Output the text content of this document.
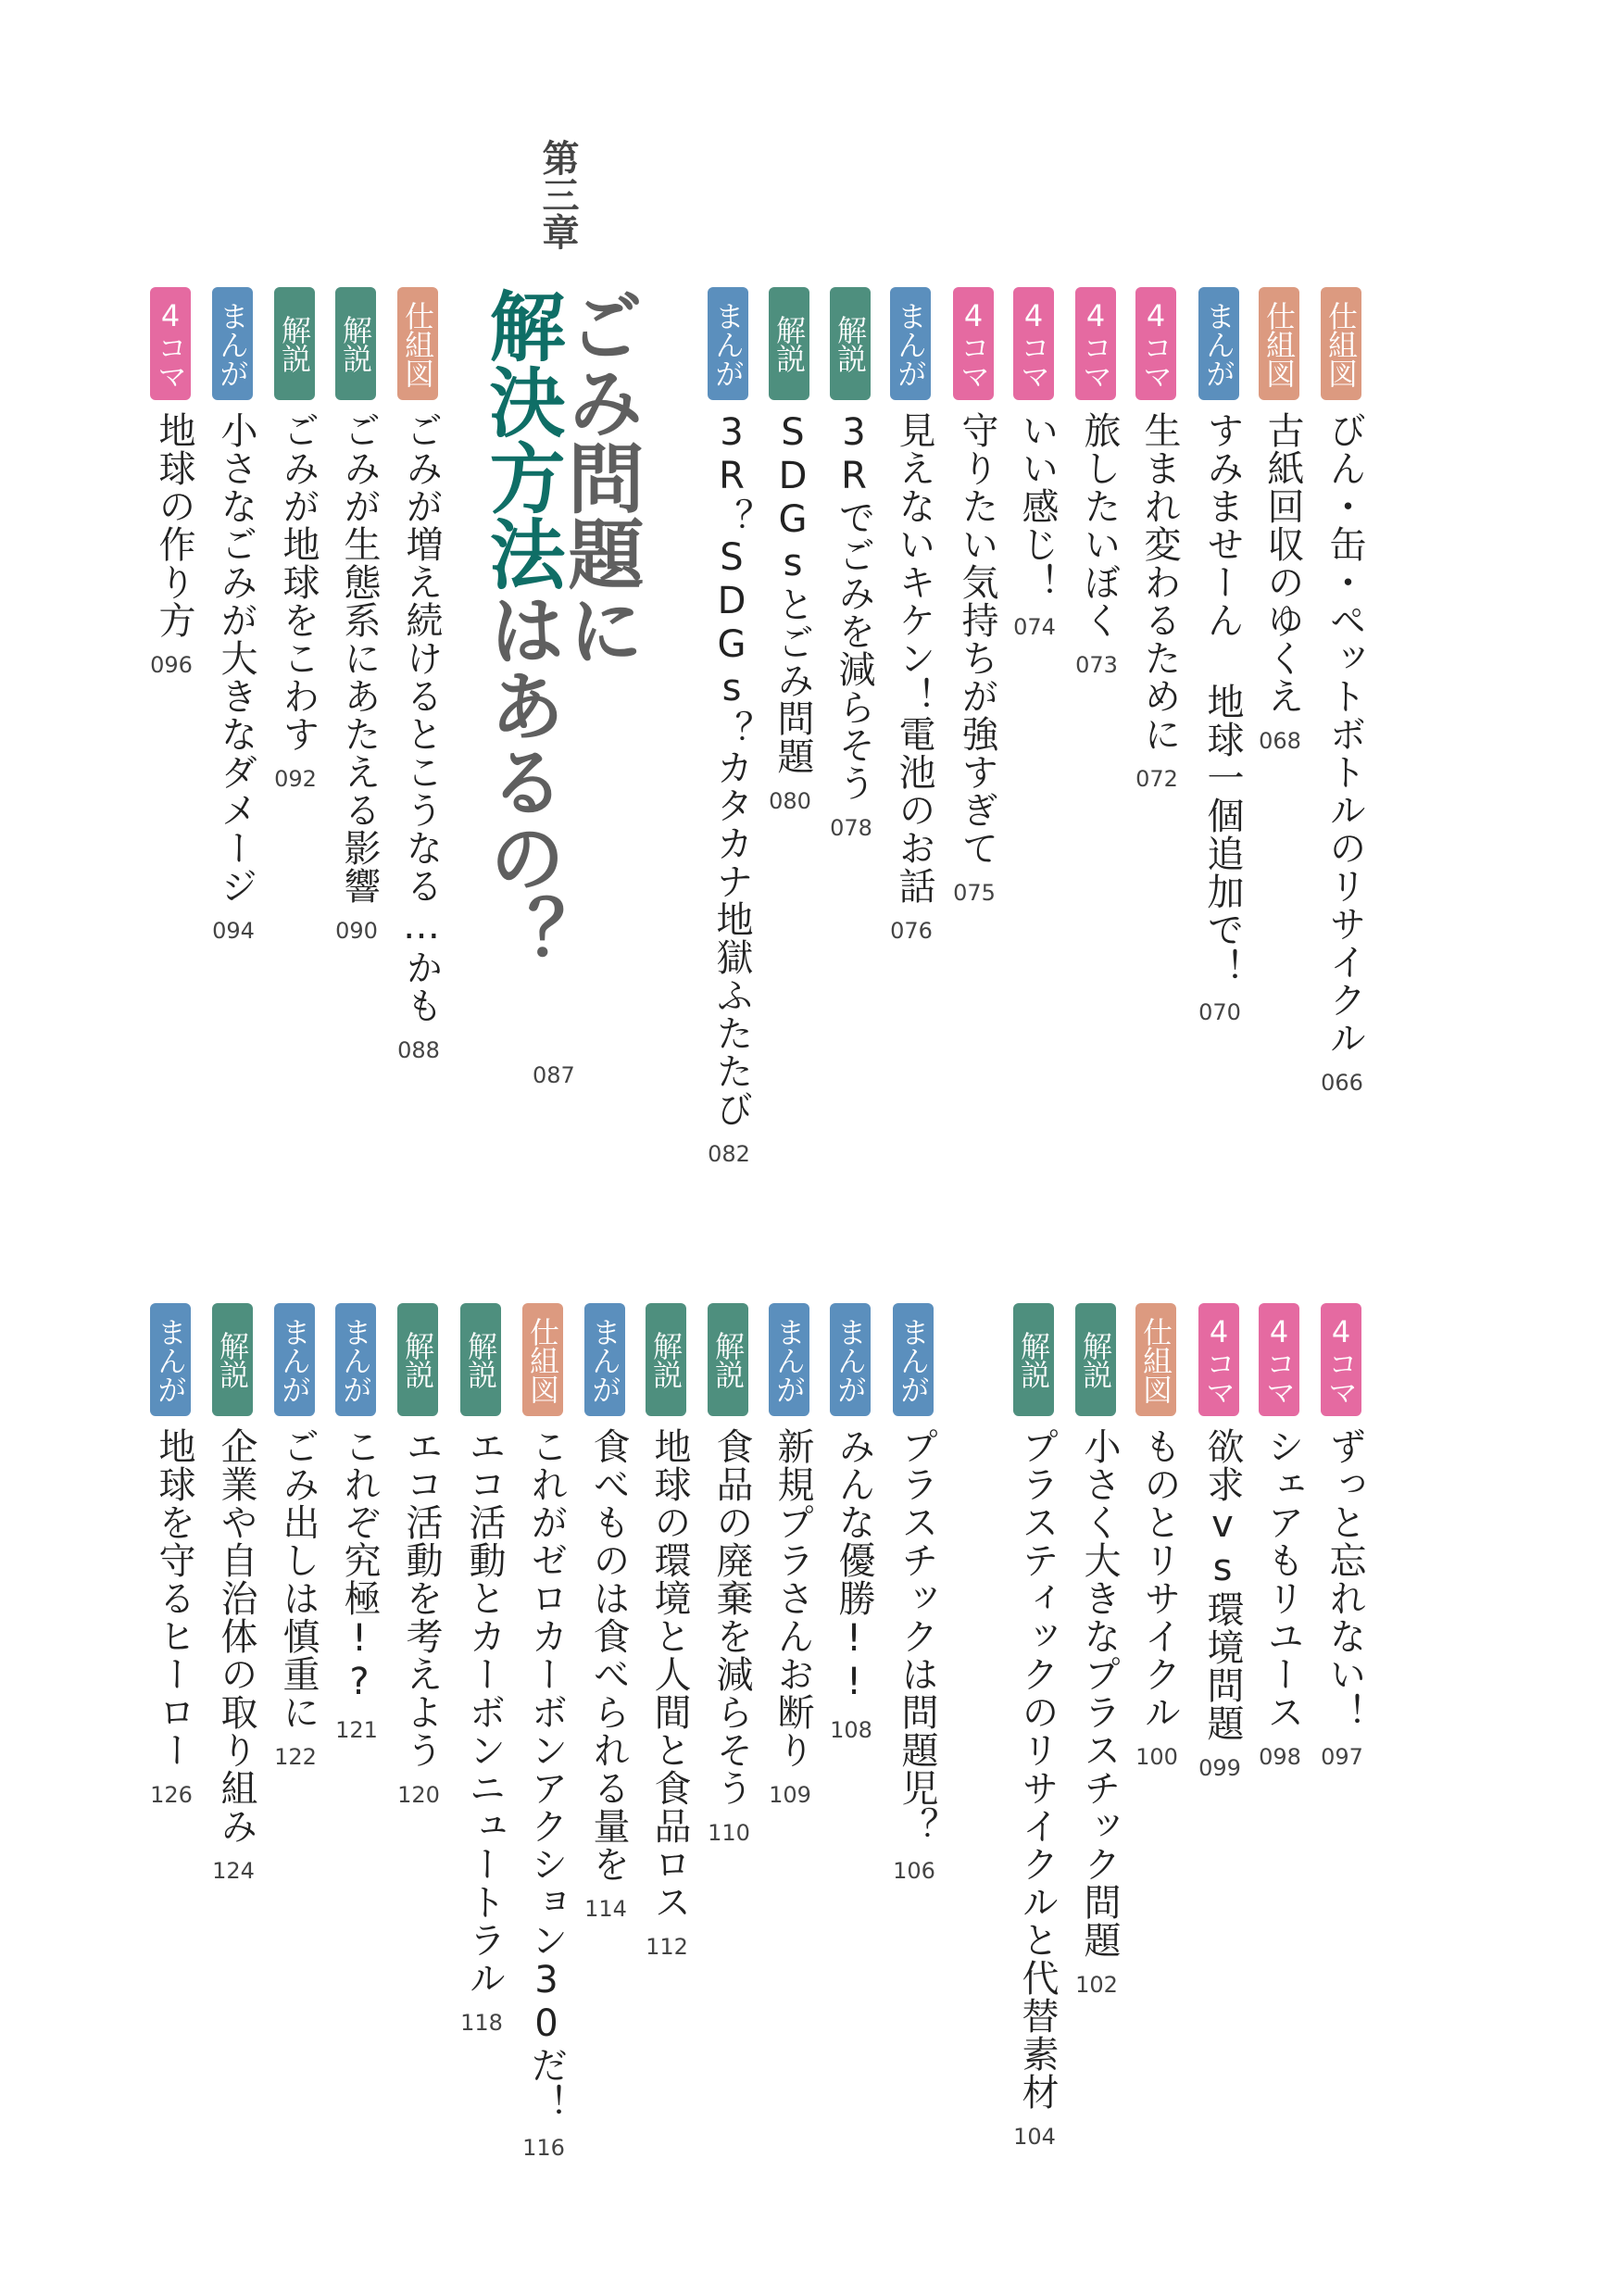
第三章
ごみ問題に
解決方法はあるの？
087
仕組図
びん・缶・ペットボトルのリサイクル
066
仕組図
古紙回収のゆくえ
068
まんが
すみませーん 地球一個追加で！
070
4コマ
生まれ変わるために
072
4コマ
旅したいぼく
073
4コマ
いい感じ！
074
4コマ
守りたい気持ちが強すぎて
075
まんが
見えないキケン！電池のお話
076
解説
3Rでごみを減らそう
078
解説
SDGsとごみ問題
080
まんが
3R？SDGs？カタカナ地獄ふたたび
082
仕組図
ごみが増え続けるとこうなる…かも
088
解説
ごみが生態系にあたえる影響
090
解説
ごみが地球をこわす
092
まんが
小さなごみが大きなダメージ
094
4コマ
地球の作り方
096
4コマ
ずっと忘れない！
097
4コマ
シェアもリユース
098
4コマ
欲求vs環境問題
099
仕組図
ものとリサイクル
100
解説
小さく大きなプラスチック問題
102
解説
プラスティックのリサイクルと代替素材
104
まんが
プラスチックは問題児？
106
まんが
みんな優勝!!
108
まんが
新規プラさんお断り
109
解説
食品の廃棄を減らそう
110
解説
地球の環境と人間と食品ロス
112
まんが
食べものは食べられる量を
114
仕組図
これがゼロカーボンアクション30だ！
116
解説
エコ活動とカーボンニュートラル
118
解説
エコ活動を考えよう
120
まんが
これぞ究極!?
121
まんが
ごみ出しは慎重に
122
解説
企業や自治体の取り組み
124
まんが
地球を守るヒーロー
126
